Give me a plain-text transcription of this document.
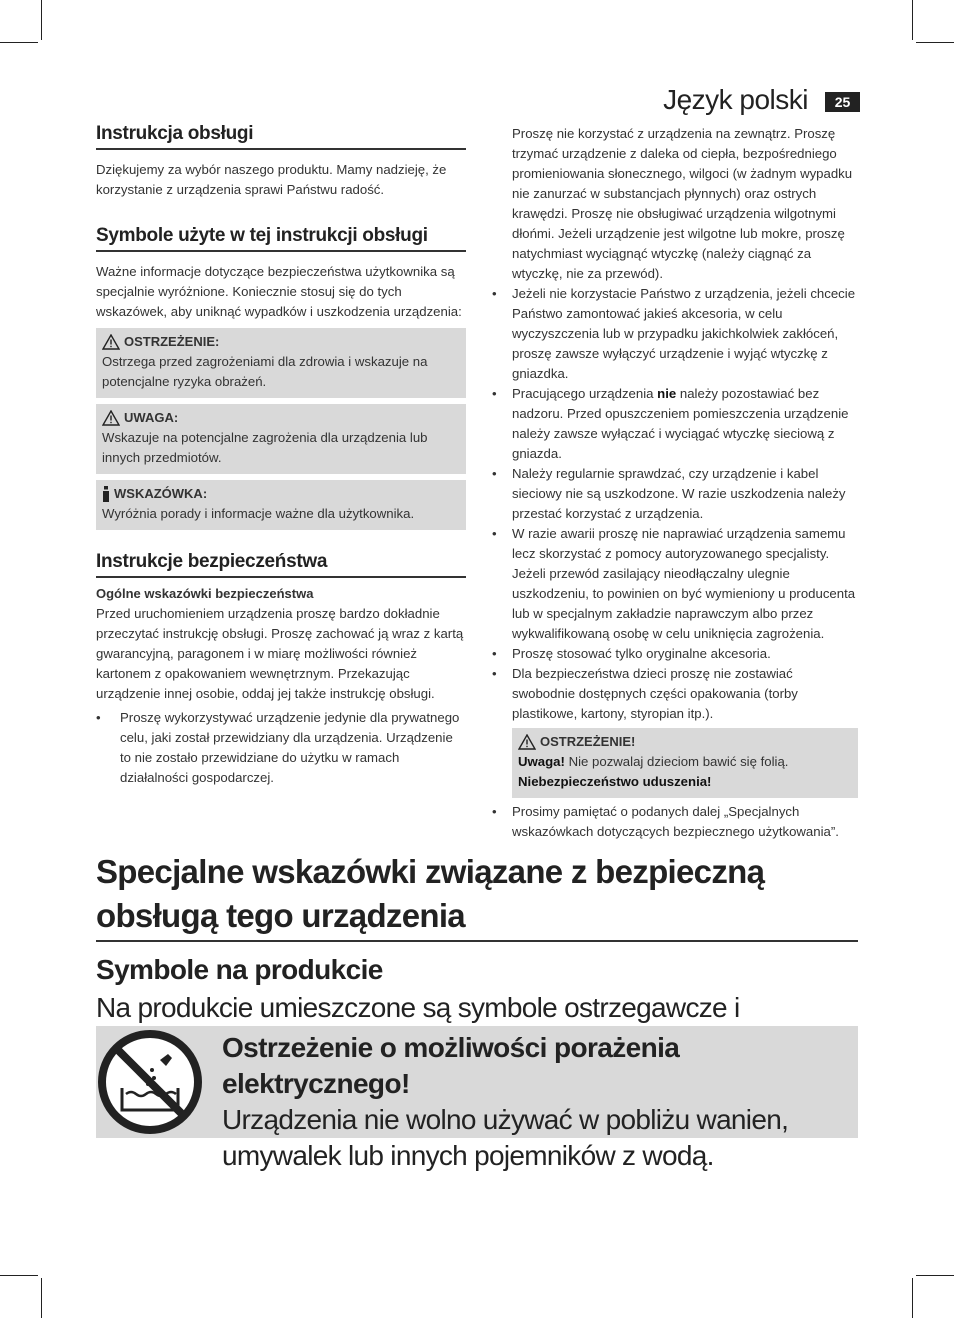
Język polski	25
Instrukcja obsługi

Dziękujemy za wybór naszego produktu. Mamy nadzieję, że korzystanie z urządzenia sprawi Państwu radość.

Symbole użyte w tej instrukcji obsługi

Ważne informacje dotyczące bezpieczeństwa użytkownika są specjalnie wyróżnione. Koniecznie stosuj się do tych wskazówek, aby uniknąć wypadków i uszkodzenia urządzenia:

OSTRZEŻENIE:

Ostrzega przed zagrożeniami dla zdrowia i wskazuje na potencjalne ryzyka obrażeń.

UWAGA:

Wskazuje na potencjalne zagrożenia dla urządzenia lub innych przedmiotów.

WSKAZÓWKA:

Wyróżnia porady i informacje ważne dla użytkownika.

Instrukcje bezpieczeństwa
Ogólne wskazówki bezpieczeństwa

Przed uruchomieniem urządzenia proszę bardzo dokładnie przeczytać instrukcję obsługi. Proszę zachować ją wraz z kartą gwarancyjną, paragonem i w miarę możliwości również kartonem z opakowaniem wewnętrznym. Przekazując urządzenie innej osobie, oddaj jej także instrukcję obsługi.

• Proszę wykorzystywać urządzenie jedynie dla prywatnego celu, jaki został przewidziany dla urządzenia. Urządzenie to nie zostało przewidziane do użytku w ramach działalności gospodarczej.

Proszę nie korzystać z urządzenia na zewnątrz. Proszę trzymać urządzenie z daleka od ciepła, bezpośredniego promieniowania słonecznego, wilgoci (w żadnym wypadku nie zanurzać w substancjach płynnych) oraz ostrych krawędzi. Proszę nie obsługiwać urządzenia wilgotnymi dłońmi. Jeżeli urządzenie jest wilgotne lub mokre, proszę natychmiast wyciągnąć wtyczkę (należy ciągnąć za wtyczkę, nie za przewód).

• Jeżeli nie korzystacie Państwo z urządzenia, jeżeli chcecie Państwo zamontować jakieś akcesoria, w celu wyczyszczenia lub w przypadku jakichkolwiek zakłóceń, proszę zawsze wyłączyć urządzenie i wyjąć wtyczkę z gniazdka.
• Pracującego urządzenia nie należy pozostawiać bez nadzoru. Przed opuszczeniem pomieszczenia urządzenie należy zawsze wyłączać i wyciągać wtyczkę sieciową z gniazda.
• Należy regularnie sprawdzać, czy urządzenie i kabel sieciowy nie są uszkodzone. W razie uszkodzenia należy przestać korzystać z urządzenia.
• W razie awarii proszę nie naprawiać urządzenia samemu lecz skorzystać z pomocy autoryzowanego specjalisty. Jeżeli przewód zasilający nieodłączalny ulegnie uszkodzeniu, to powinien on być wymieniony u producenta lub w specjalnym zakładzie naprawczym albo przez wykwalifikowaną osobę w celu uniknięcia zagrożenia.
• Proszę stosować tylko oryginalne akcesoria.
• Dla bezpieczeństwa dzieci proszę nie zostawiać swobodnie dostępnych części opakowania (torby plastikowe, kartony, styropian itp.).
OSTRZEŻENIE!

Uwaga! Nie pozwalaj dzieciom bawić się folią. Niebezpieczeństwo uduszenia!

• Prosimy pamiętać o podanych dalej „Specjalnych wskazówkach dotyczących bezpiecznego użytkowania”.
Specjalne wskazówki związane z bezpieczną obsługą tego urządzenia
Symbole na produkcie
Na produkcie umieszczone są symbole ostrzegawcze i
Ostrzeżenie o możliwości porażenia elektrycznego!
Urządzenia nie wolno używać w pobliżu wanien, umywalek lub innych pojemników z wodą.
